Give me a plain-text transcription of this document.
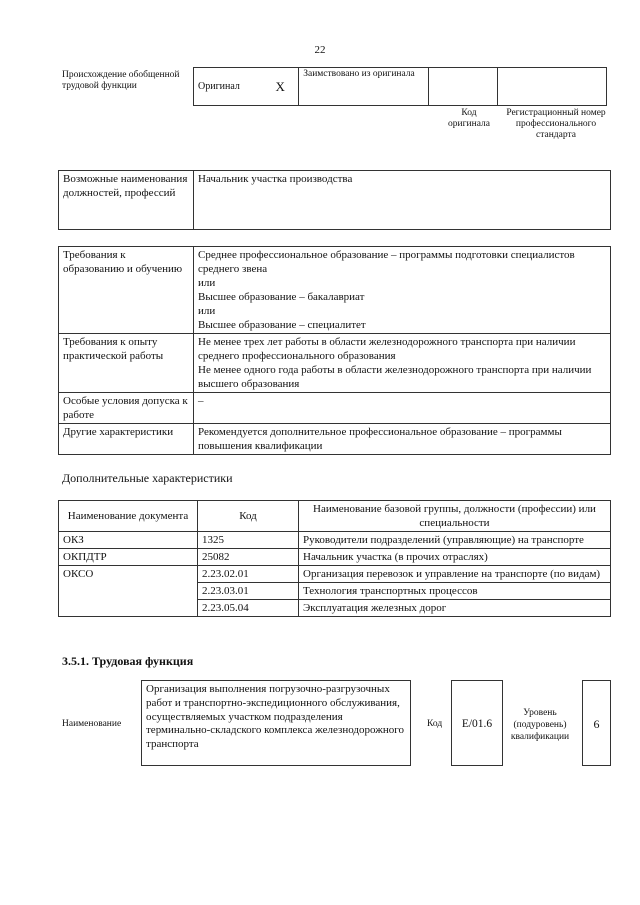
22
Происхождение обобщенной трудовой функции	Оригинал	X	Заимствовано из оригинала		
Код оригинала
Регистрационный номер профессионального стандарта
Возможные наименования должностей, профессий	Начальник участка производства
Требования к образованию и обучению	Среднее профессиональное образование – программы подготовки специалистов среднего звена
или
Высшее образование – бакалавриат
или
Высшее образование – специалитет

Требования к опыту практической работы	Не менее трех лет работы в области железнодорожного транспорта при наличии среднего профессионального образования
Не менее одного года работы в области железнодорожного транспорта при наличии высшего образования

Особые условия допуска к работе	–

Другие характеристики	Рекомендуется дополнительное профессиональное образование – программы повышения квалификации
Дополнительные характеристики
Наименование документа	Код	Наименование базовой группы, должности (профессии) или специальности
ОКЗ	1325	Руководители подразделений (управляющие) на транспорте
ОКПДТР	25082	Начальник участка (в прочих отраслях)
ОКСО	2.23.02.01	Организация перевозок и управление на транспорте (по видам)
	2.23.03.01	Технология транспортных процессов
	2.23.05.04	Эксплуатация железных дорог
3.5.1. Трудовая функция
Наименование
Организация выполнения погрузочно-разгрузочных работ и транспортно-экспедиционного обслуживания, осуществляемых участком подразделения терминально-складского комплекса железнодорожного транспорта
Код	E/01.6
Уровень (подуровень) квалификации
6
